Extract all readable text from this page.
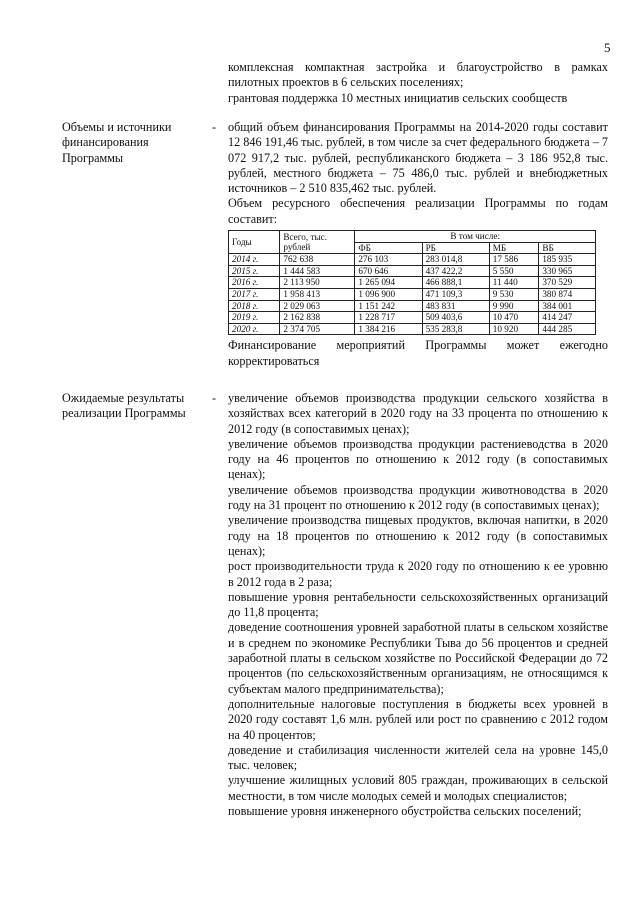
5

комплексная компактная застройка и благоустройство в рамках пилотных проектов в 6 сельских поселениях;

грантовая поддержка 10 местных инициатив сельских сообществ

Объемы и источники финансирования Программы
- общий объем финансирования Программы на 2014-2020 годы составит 12 846 191,46 тыс. рублей, в том числе за счет федерального бюджета – 7 072 917,2 тыс. рублей, республиканского бюджета – 3 186 952,8 тыс. рублей, местного бюджета – 75 486,0 тыс. рублей и внебюджетных источников – 2 510 835,462 тыс. рублей.

Объем ресурсного обеспечения реализации Программы по годам составит:

Годы	Всего, тыс. рублей	В том числе:			
		ФБ	РБ	МБ	ВБ
2014 г.	762 638	276 103	283 014,8	17 586	185 935
2015 г.	1 444 583	670 646	437 422,2	5 550	330 965
2016 г.	2 113 950	1 265 094	466 888,1	11 440	370 529
2017 г.	1 958 413	1 096 900	471 109,3	9 530	380 874
2018 г.	2 029 063	1 151 242	483 831	9 990	384 001
2019 г.	2 162 838	1 228 717	509 403,6	10 470	414 247
2020 г.	2 374 705	1 384 216	535 283,8	10 920	444 285

Финансирование мероприятий Программы может ежегодно корректироваться

Ожидаемые результаты реализации Программы
- увеличение объемов производства продукции сельского хозяйства в хозяйствах всех категорий в 2020 году на 33 процента по отношению к 2012 году (в сопоставимых ценах);

увеличение объемов производства продукции растениеводства в 2020 году на 46 процентов по отношению к 2012 году (в сопоставимых ценах);

увеличение объемов производства продукции животноводства в 2020 году на 31 процент по отношению к 2012 году (в сопоставимых ценах);

увеличение производства пищевых продуктов, включая напитки, в 2020 году на 18 процентов по отношению к 2012 году (в сопоставимых ценах);

рост производительности труда к 2020 году по отношению к ее уровню в 2012 года в 2 раза;

повышение уровня рентабельности сельскохозяйственных организаций до 11,8 процента;

доведение соотношения уровней заработной платы в сельском хозяйстве и в среднем по экономике Республики Тыва до 56 процентов и средней заработной платы в сельском хозяйстве по Российской Федерации до 72 процентов (по сельскохозяйственным организациям, не относящимся к субъектам малого предпринимательства);

дополнительные налоговые поступления в бюджеты всех уровней в 2020 году составят 1,6 млн. рублей или рост по сравнению с 2012 годом на 40 процентов;

доведение и стабилизация численности жителей села на уровне 145,0 тыс. человек;

улучшение жилищных условий 805 граждан, проживающих в сельской местности, в том числе молодых семей и молодых специалистов;

повышение уровня инженерного обустройства сельских поселений;
